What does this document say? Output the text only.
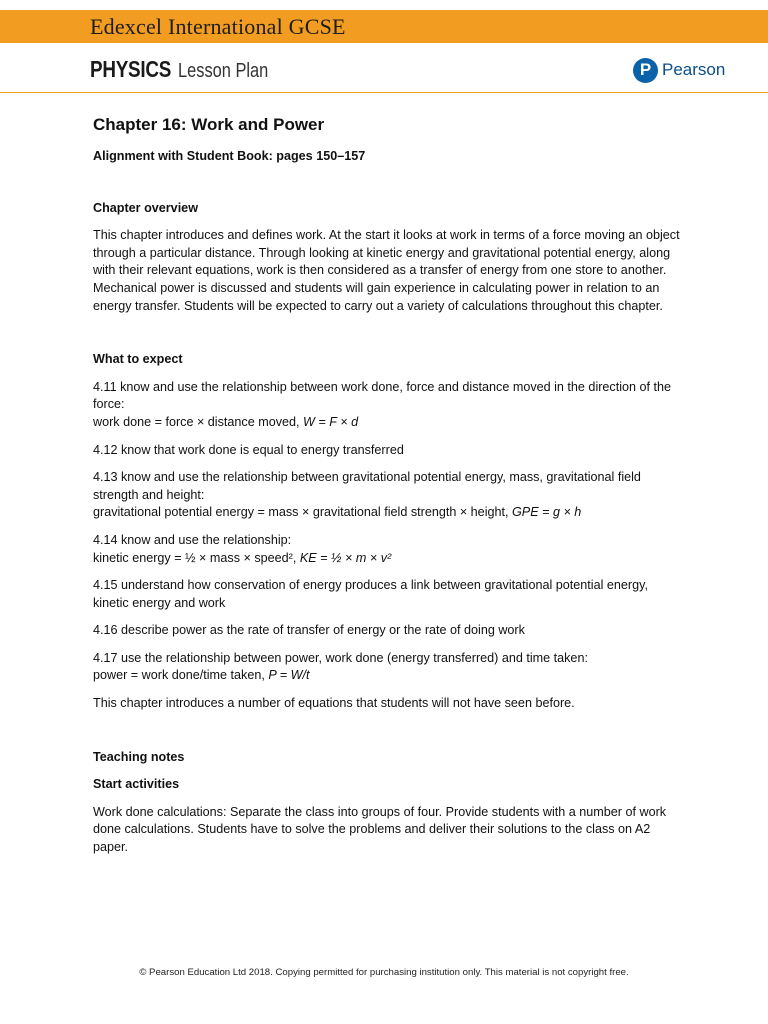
Edexcel International GCSE
PHYSICS Lesson Plan	P Pearson
Chapter 16: Work and Power
Alignment with Student Book: pages 150–157
Chapter overview

This chapter introduces and defines work. At the start it looks at work in terms of a force moving an object through a particular distance. Through looking at kinetic energy and gravitational potential energy, along with their relevant equations, work is then considered as a transfer of energy from one store to another. Mechanical power is discussed and students will gain experience in calculating power in relation to an energy transfer. Students will be expected to carry out a variety of calculations throughout this chapter.

What to expect

4.11 know and use the relationship between work done, force and distance moved in the direction of the force:

work done = force × distance moved, W = F × d

4.12 know that work done is equal to energy transferred

4.13 know and use the relationship between gravitational potential energy, mass, gravitational field strength and height:

gravitational potential energy = mass × gravitational field strength × height, GPE = g × h

4.14 know and use the relationship:

kinetic energy = ½ × mass × speed², KE = ½ × m × v²

4.15 understand how conservation of energy produces a link between gravitational potential energy, kinetic energy and work

4.16 describe power as the rate of transfer of energy or the rate of doing work

4.17 use the relationship between power, work done (energy transferred) and time taken:

power = work done/time taken, P = W/t

This chapter introduces a number of equations that students will not have seen before.

Teaching notes
Start activities

Work done calculations: Separate the class into groups of four. Provide students with a number of work done calculations. Students have to solve the problems and deliver their solutions to the class on A2 paper.

© Pearson Education Ltd 2018. Copying permitted for purchasing institution only. This material is not copyright free.
